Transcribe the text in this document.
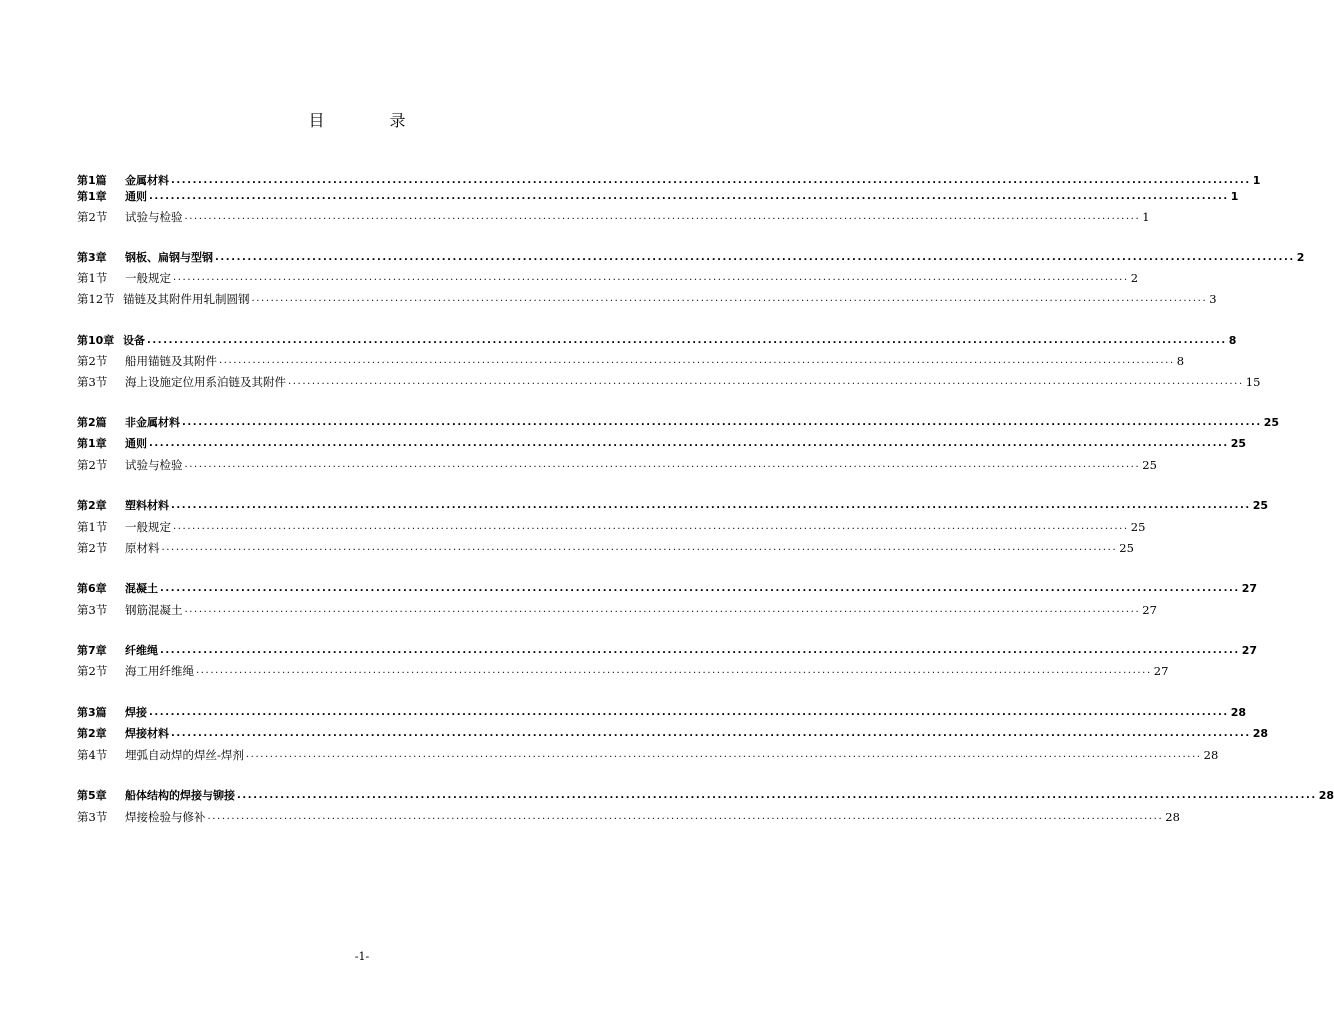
目 录
第1篇	金属材料 ........................................................................................................................................................................................................ 1
第1章	通则 ........................................................................................................................................................................................................ 1
第2节	试验与检验 ........................................................................................................................................................................................................ 1
第3章	钢板、扁钢与型钢 ........................................................................................................................................................................................................ 2
第1节	一般规定 ........................................................................................................................................................................................................ 2
第12节 锚链及其附件用轧制圆钢 ........................................................................................................................................................................................................ 3
第10章 设备 ........................................................................................................................................................................................................ 8
第2节	船用锚链及其附件 ........................................................................................................................................................................................................ 8
第3节	海上设施定位用系泊链及其附件 ........................................................................................................................................................................................................ 15
第2篇	非金属材料 ........................................................................................................................................................................................................ 25
第1章	通则 ........................................................................................................................................................................................................ 25
第2节	试验与检验 ........................................................................................................................................................................................................ 25
第2章	塑料材料 ........................................................................................................................................................................................................ 25
第1节	一般规定 ........................................................................................................................................................................................................ 25
第2节	原材料 ........................................................................................................................................................................................................ 25
第6章	混凝土 ........................................................................................................................................................................................................ 27
第3节	钢筋混凝土 ........................................................................................................................................................................................................ 27
第7章	纤维绳 ........................................................................................................................................................................................................ 27
第2节	海工用纤维绳 ........................................................................................................................................................................................................ 27
第3篇	焊接 ........................................................................................................................................................................................................ 28
第2章	焊接材料 ........................................................................................................................................................................................................ 28
第4节	埋弧自动焊的焊丝-焊剂 ........................................................................................................................................................................................................ 28
第5章	船体结构的焊接与铆接 ........................................................................................................................................................................................................ 28
第3节	焊接检验与修补 ........................................................................................................................................................................................................ 28
-1-
